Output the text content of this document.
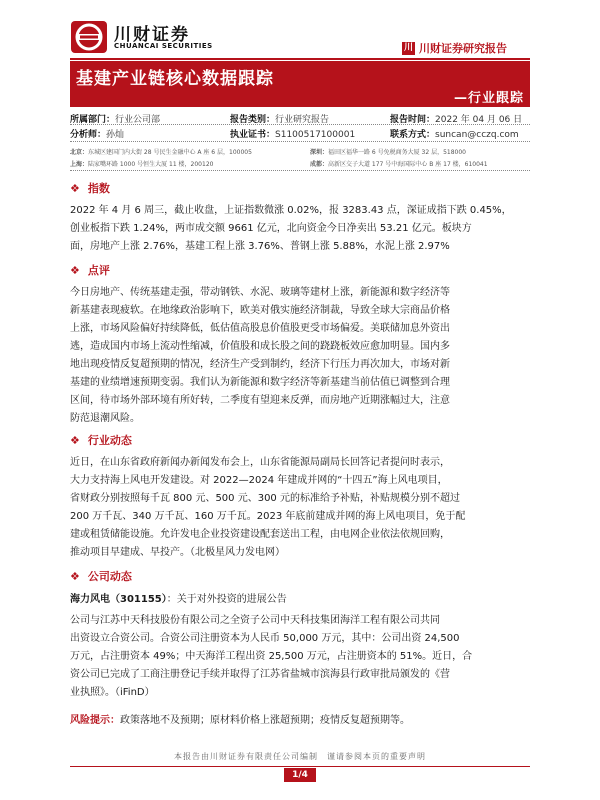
川财证券
CHUANCAI SECURITIES	川 川财证券研究报告
基建产业链核心数据跟踪
—行业跟踪
所属部门：行业公司部	报告类别：行业研究报告	报告时间：2022 年 04 月 06 日
分析师：孙灿	执业证书：S1100517100001	联系方式：suncan@cczq.com
北京：东城区建国门内大街 28 号民生金融中心 A 座 6 层，100005	深圳：福田区福华一路 6 号免税商务大厦 32 层，518000
上海：陆家嘴环路 1000 号恒生大厦 11 楼，200120	成都：高新区交子大道 177 号中海国际中心 B 座 17 楼，610041
❖ 指数
2022 年 4 月 6 周三，截止收盘，上证指数微涨 0.02%，报 3283.43 点，深证成指下跌 0.45%，
创业板指下跌 1.24%，两市成交额 9661 亿元，北向资金今日净卖出 53.21 亿元。板块方
面，房地产上涨 2.76%，基建工程上涨 3.76%、普钢上涨 5.88%，水泥上涨 2.97%
❖ 点评
今日房地产、传统基建走强，带动钢铁、水泥、玻璃等建材上涨，新能源和数字经济等
新基建表现疲软。在地缘政治影响下，欧美对俄实施经济制裁，导致全球大宗商品价格
上涨，市场风险偏好持续降低，低估值高股息价值股更受市场偏爱。美联储加息外资出
逃，造成国内市场上流动性缩减，价值股和成长股之间的跷跷板效应愈加明显。国内多
地出现疫情反复超预期的情况，经济生产受到制约，经济下行压力再次加大，市场对新
基建的业绩增速预期变弱。我们认为新能源和数字经济等新基建当前估值已调整到合理
区间，待市场外部环境有所好转，二季度有望迎来反弹，而房地产近期涨幅过大，注意
防范退潮风险。
❖ 行业动态
近日，在山东省政府新闻办新闻发布会上，山东省能源局副局长回答记者提问时表示，
大力支持海上风电开发建设。对 2022—2024 年建成并网的“十四五”海上风电项目，
省财政分别按照每千瓦 800 元、500 元、300 元的标准给予补贴，补贴规模分别不超过
200 万千瓦、340 万千瓦、160 万千瓦。2023 年底前建成并网的海上风电项目，免于配
建或租赁储能设施。允许发电企业投资建设配套送出工程，由电网企业依法依规回购，
推动项目早建成、早投产。（北极星风力发电网）
❖ 公司动态
海力风电（301155）：关于对外投资的进展公告
公司与江苏中天科技股份有限公司之全资子公司中天科技集团海洋工程有限公司共同
出资设立合资公司。合资公司注册资本为人民币 50,000 万元，其中：公司出资 24,500
万元，占注册资本 49%；中天海洋工程出资 25,500 万元，占注册资本的 51%。近日，合
资公司已完成了工商注册登记手续并取得了江苏省盐城市滨海县行政审批局颁发的《营
业执照》。（iFinD）
风险提示：政策落地不及预期；原材料价格上涨超预期；疫情反复超预期等。
本报告由川财证券有限责任公司编制　谨请参阅本页的重要声明
1/4
